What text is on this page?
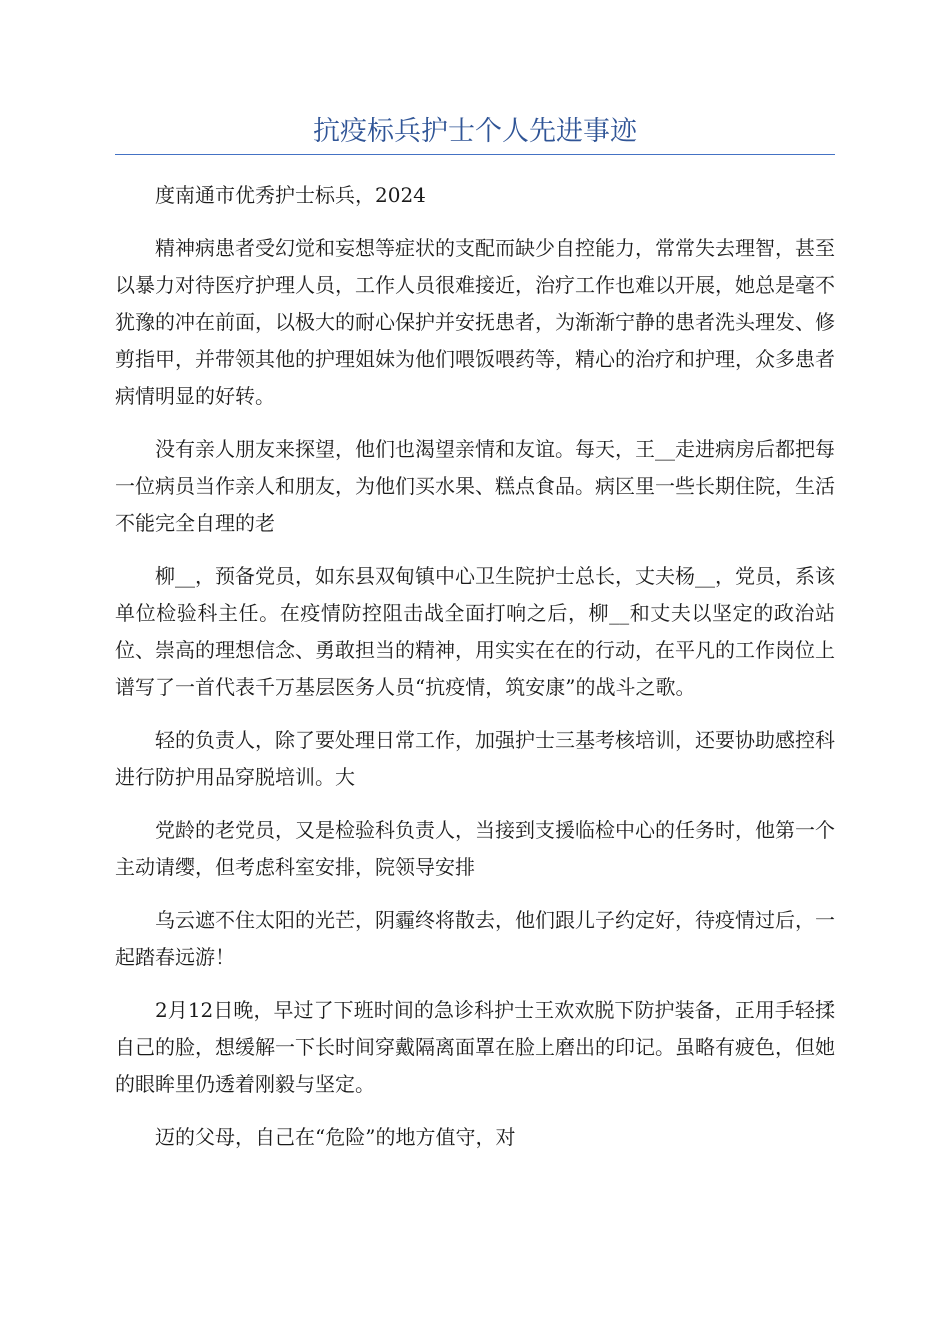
抗疫标兵护士个人先进事迹

度南通市优秀护士标兵，2024

精神病患者受幻觉和妄想等症状的支配而缺少自控能力，常常失去理智，甚至以暴力对待医疗护理人员，工作人员很难接近，治疗工作也难以开展，她总是毫不犹豫的冲在前面，以极大的耐心保护并安抚患者，为渐渐宁静的患者洗头理发、修剪指甲，并带领其他的护理姐妹为他们喂饭喂药等，精心的治疗和护理，众多患者病情明显的好转。

没有亲人朋友来探望，他们也渴望亲情和友谊。每天，王__走进病房后都把每一位病员当作亲人和朋友，为他们买水果、糕点食品。病区里一些长期住院，生活不能完全自理的老

柳__，预备党员，如东县双甸镇中心卫生院护士总长，丈夫杨__，党员，系该单位检验科主任。在疫情防控阻击战全面打响之后，柳__和丈夫以坚定的政治站位、崇高的理想信念、勇敢担当的精神，用实实在在的行动，在平凡的工作岗位上谱写了一首代表千万基层医务人员“抗疫情，筑安康”的战斗之歌。

轻的负责人，除了要处理日常工作，加强护士三基考核培训，还要协助感控科进行防护用品穿脱培训。大

党龄的老党员，又是检验科负责人，当接到支援临检中心的任务时，他第一个主动请缨，但考虑科室安排，院领导安排

乌云遮不住太阳的光芒，阴霾终将散去，他们跟儿子约定好，待疫情过后，一起踏春远游！

2月12日晚，早过了下班时间的急诊科护士王欢欢脱下防护装备，正用手轻揉自己的脸，想缓解一下长时间穿戴隔离面罩在脸上磨出的印记。虽略有疲色，但她的眼眸里仍透着刚毅与坚定。

迈的父母，自己在“危险”的地方值守，对
